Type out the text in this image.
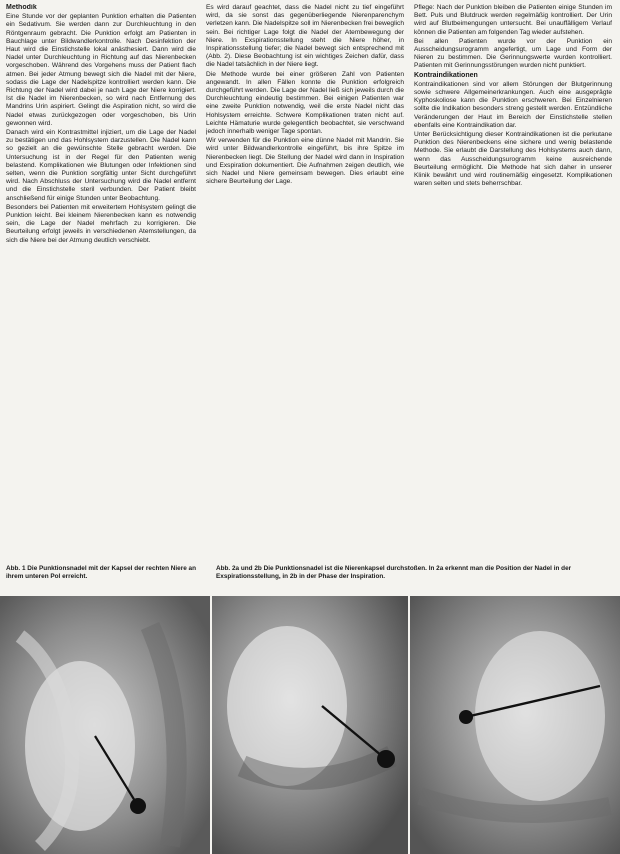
Methodik

Eine Stunde vor der geplanten Punktion erhalten die Patienten ein Sedativum. Sie werden dann zur Durchleuchtung in den Röntgenraum gebracht. Die Punktion erfolgt am Patienten in Bauchlage unter Bildwandlerkontrolle. Nach Desinfektion der Haut wird die Einstichstelle lokal anästhesiert. Dann wird die Nadel unter Durchleuchtung in Richtung auf das Nierenbecken vorgeschoben. Während des Vorgehens muss der Patient flach atmen. Bei jeder Atmung bewegt sich die Nadel mit der Niere, sodass die Lage der Nadelspitze kontrolliert werden kann. Die Richtung der Nadel wird dabei je nach Lage der Niere korrigiert. Ist die Nadel im Nierenbecken, so wird nach Entfernung des Mandrins Urin aspiriert. Gelingt die Aspiration nicht, so wird die Nadel etwas zurückgezogen oder vorgeschoben, bis Urin gewonnen wird.

Danach wird ein Kontrastmittel injiziert, um die Lage der Nadel zu bestätigen und das Hohlsystem darzustellen. Die Nadel kann so gezielt an die gewünschte Stelle gebracht werden. Die Untersuchung ist in der Regel für den Patienten wenig belastend. Komplikationen wie Blutungen oder Infektionen sind selten, wenn die Punktion sorgfältig unter Sicht durchgeführt wird. Nach Abschluss der Untersuchung wird die Nadel entfernt und die Einstichstelle steril verbunden. Der Patient bleibt anschließend für einige Stunden unter Beobachtung.

Besonders bei Patienten mit erweitertem Hohlsystem gelingt die Punktion leicht. Bei kleinem Nierenbecken kann es notwendig sein, die Lage der Nadel mehrfach zu korrigieren. Die Beurteilung erfolgt jeweils in verschiedenen Atemstellungen, da sich die Niere bei der Atmung deutlich verschiebt.

Es wird darauf geachtet, dass die Nadel nicht zu tief eingeführt wird, da sie sonst das gegenüberliegende Nierenparenchym verletzen kann. Die Nadelspitze soll im Nierenbecken frei beweglich sein. Bei richtiger Lage folgt die Nadel der Atembewegung der Niere. In Exspirationsstellung steht die Niere höher, in Inspirationsstellung tiefer; die Nadel bewegt sich entsprechend mit (Abb. 2). Diese Beobachtung ist ein wichtiges Zeichen dafür, dass die Nadel tatsächlich in der Niere liegt.

Die Methode wurde bei einer größeren Zahl von Patienten angewandt. In allen Fällen konnte die Punktion erfolgreich durchgeführt werden. Die Lage der Nadel ließ sich jeweils durch die Durchleuchtung eindeutig bestimmen. Bei einigen Patienten war eine zweite Punktion notwendig, weil die erste Nadel nicht das Hohlsystem erreichte. Schwere Komplikationen traten nicht auf. Leichte Hämaturie wurde gelegentlich beobachtet, sie verschwand jedoch innerhalb weniger Tage spontan.

Wir verwenden für die Punktion eine dünne Nadel mit Mandrin. Sie wird unter Bildwandlerkontrolle eingeführt, bis ihre Spitze im Nierenbecken liegt. Die Stellung der Nadel wird dann in Inspiration und Exspiration dokumentiert. Die Aufnahmen zeigen deutlich, wie sich Nadel und Niere gemeinsam bewegen. Dies erlaubt eine sichere Beurteilung der Lage.

Pflege: Nach der Punktion bleiben die Patienten einige Stunden im Bett. Puls und Blutdruck werden regelmäßig kontrolliert. Der Urin wird auf Blutbeimengungen untersucht. Bei unauffälligem Verlauf können die Patienten am folgenden Tag wieder aufstehen.

Bei allen Patienten wurde vor der Punktion ein Ausscheidungsurogramm angefertigt, um Lage und Form der Nieren zu bestimmen. Die Gerinnungswerte wurden kontrolliert. Patienten mit Gerinnungsstörungen wurden nicht punktiert.

Kontraindikationen

Kontraindikationen sind vor allem Störungen der Blutgerinnung sowie schwere Allgemeinerkrankungen. Auch eine ausgeprägte Kyphoskoliose kann die Punktion erschweren. Bei Einzelnieren sollte die Indikation besonders streng gestellt werden. Entzündliche Veränderungen der Haut im Bereich der Einstichstelle stellen ebenfalls eine Kontraindikation dar.

Unter Berücksichtigung dieser Kontraindikationen ist die perkutane Punktion des Nierenbeckens eine sichere und wenig belastende Methode. Sie erlaubt die Darstellung des Hohlsystems auch dann, wenn das Ausscheidungsurogramm keine ausreichende Beurteilung ermöglicht. Die Methode hat sich daher in unserer Klinik bewährt und wird routinemäßig eingesetzt. Komplikationen waren selten und stets beherrschbar.

Abb. 1 Die Punktionsnadel mit der Kapsel der rechten Niere an ihrem unteren Pol erreicht.
Abb. 2a und 2b Die Punktionsnadel ist die Nierenkapsel durchstoßen. In 2a erkennt man die Position der Nadel in der Exspirationsstellung, in 2b in der Phase der Inspiration.
